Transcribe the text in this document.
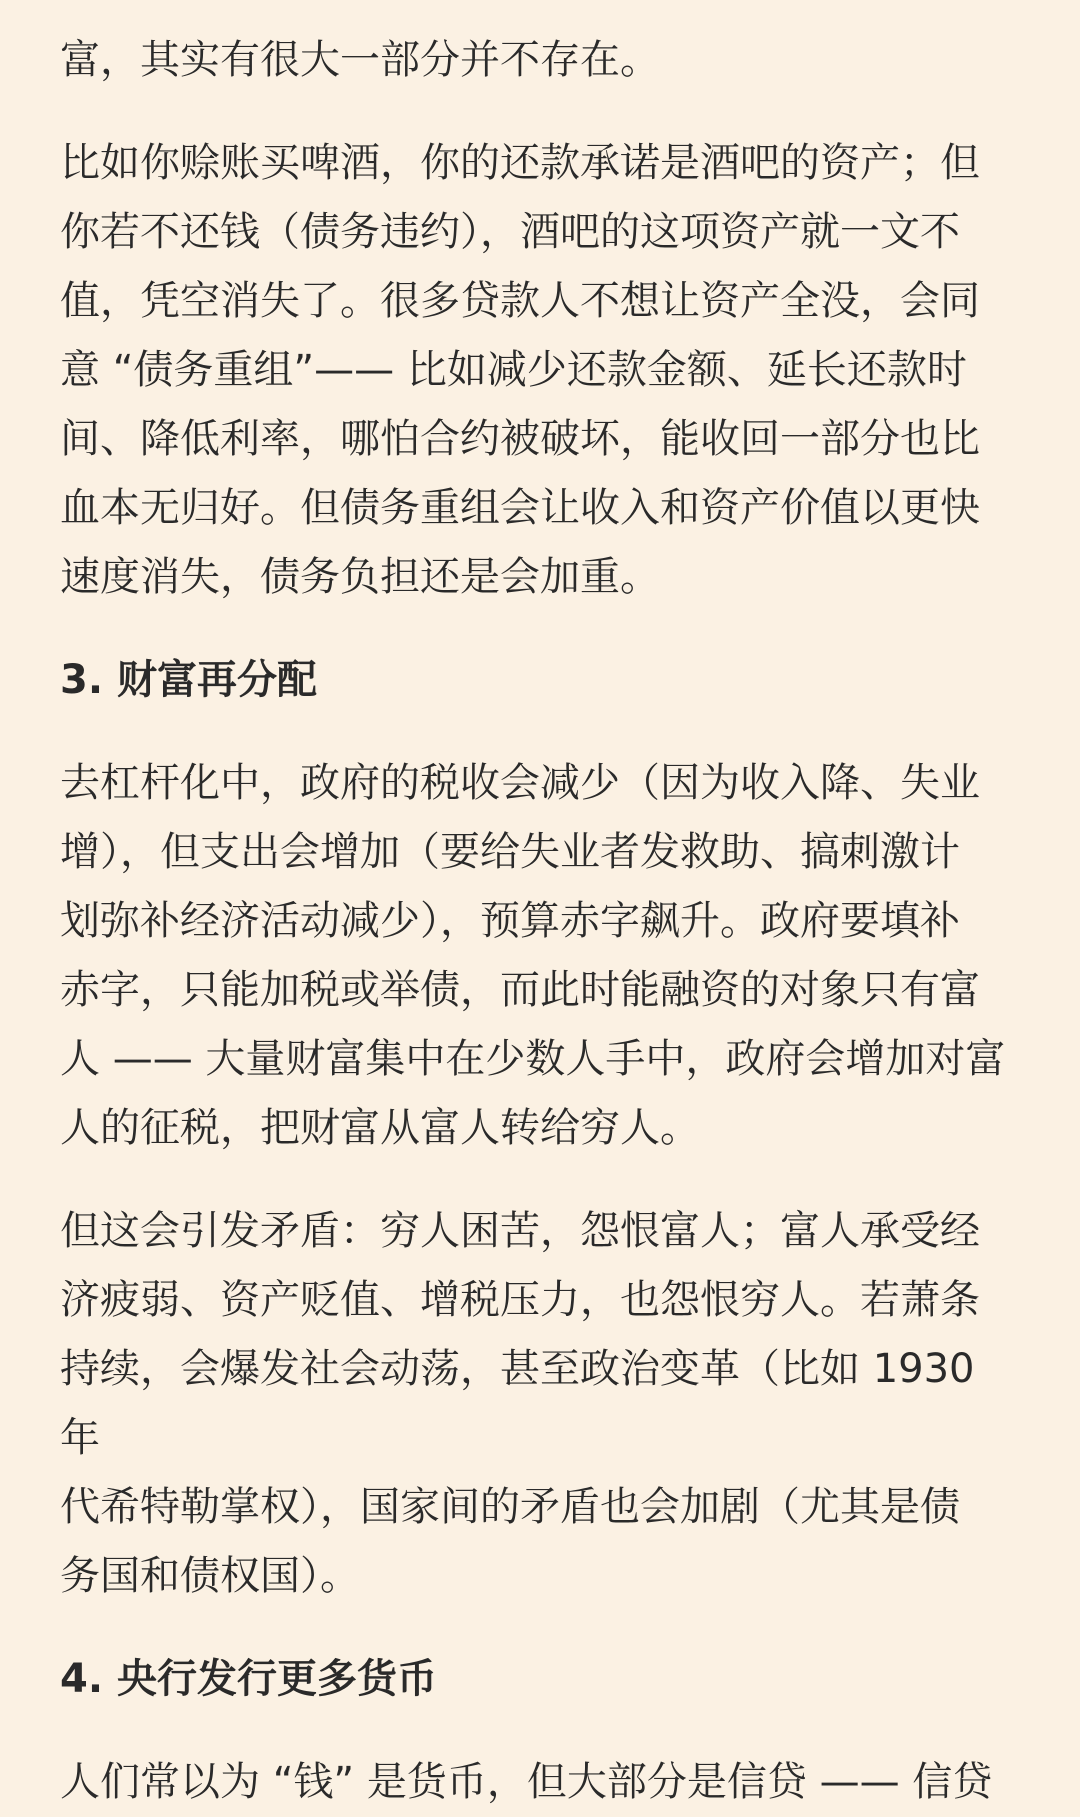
富，其实有很大一部分并不存在。

比如你赊账买啤酒，你的还款承诺是酒吧的资产；但
你若不还钱（债务违约），酒吧的这项资产就一文不
值，凭空消失了。很多贷款人不想让资产全没，会同
意 “债务重组”—— 比如减少还款金额、延长还款时
间、降低利率，哪怕合约被破坏，能收回一部分也比
血本无归好。但债务重组会让收入和资产价值以更快
速度消失，债务负担还是会加重。

3. 财富再分配

去杠杆化中，政府的税收会减少（因为收入降、失业
增），但支出会增加（要给失业者发救助、搞刺激计
划弥补经济活动减少），预算赤字飙升。政府要填补
赤字，只能加税或举债，而此时能融资的对象只有富
人 —— 大量财富集中在少数人手中，政府会增加对富
人的征税，把财富从富人转给穷人。

但这会引发矛盾：穷人困苦，怨恨富人；富人承受经
济疲弱、资产贬值、增税压力，也怨恨穷人。若萧条
持续，会爆发社会动荡，甚至政治变革（比如 1930 年
代希特勒掌权），国家间的矛盾也会加剧（尤其是债
务国和债权国）。

4. 央行发行更多货币

人们常以为 “钱” 是货币，但大部分是信贷 —— 信贷
